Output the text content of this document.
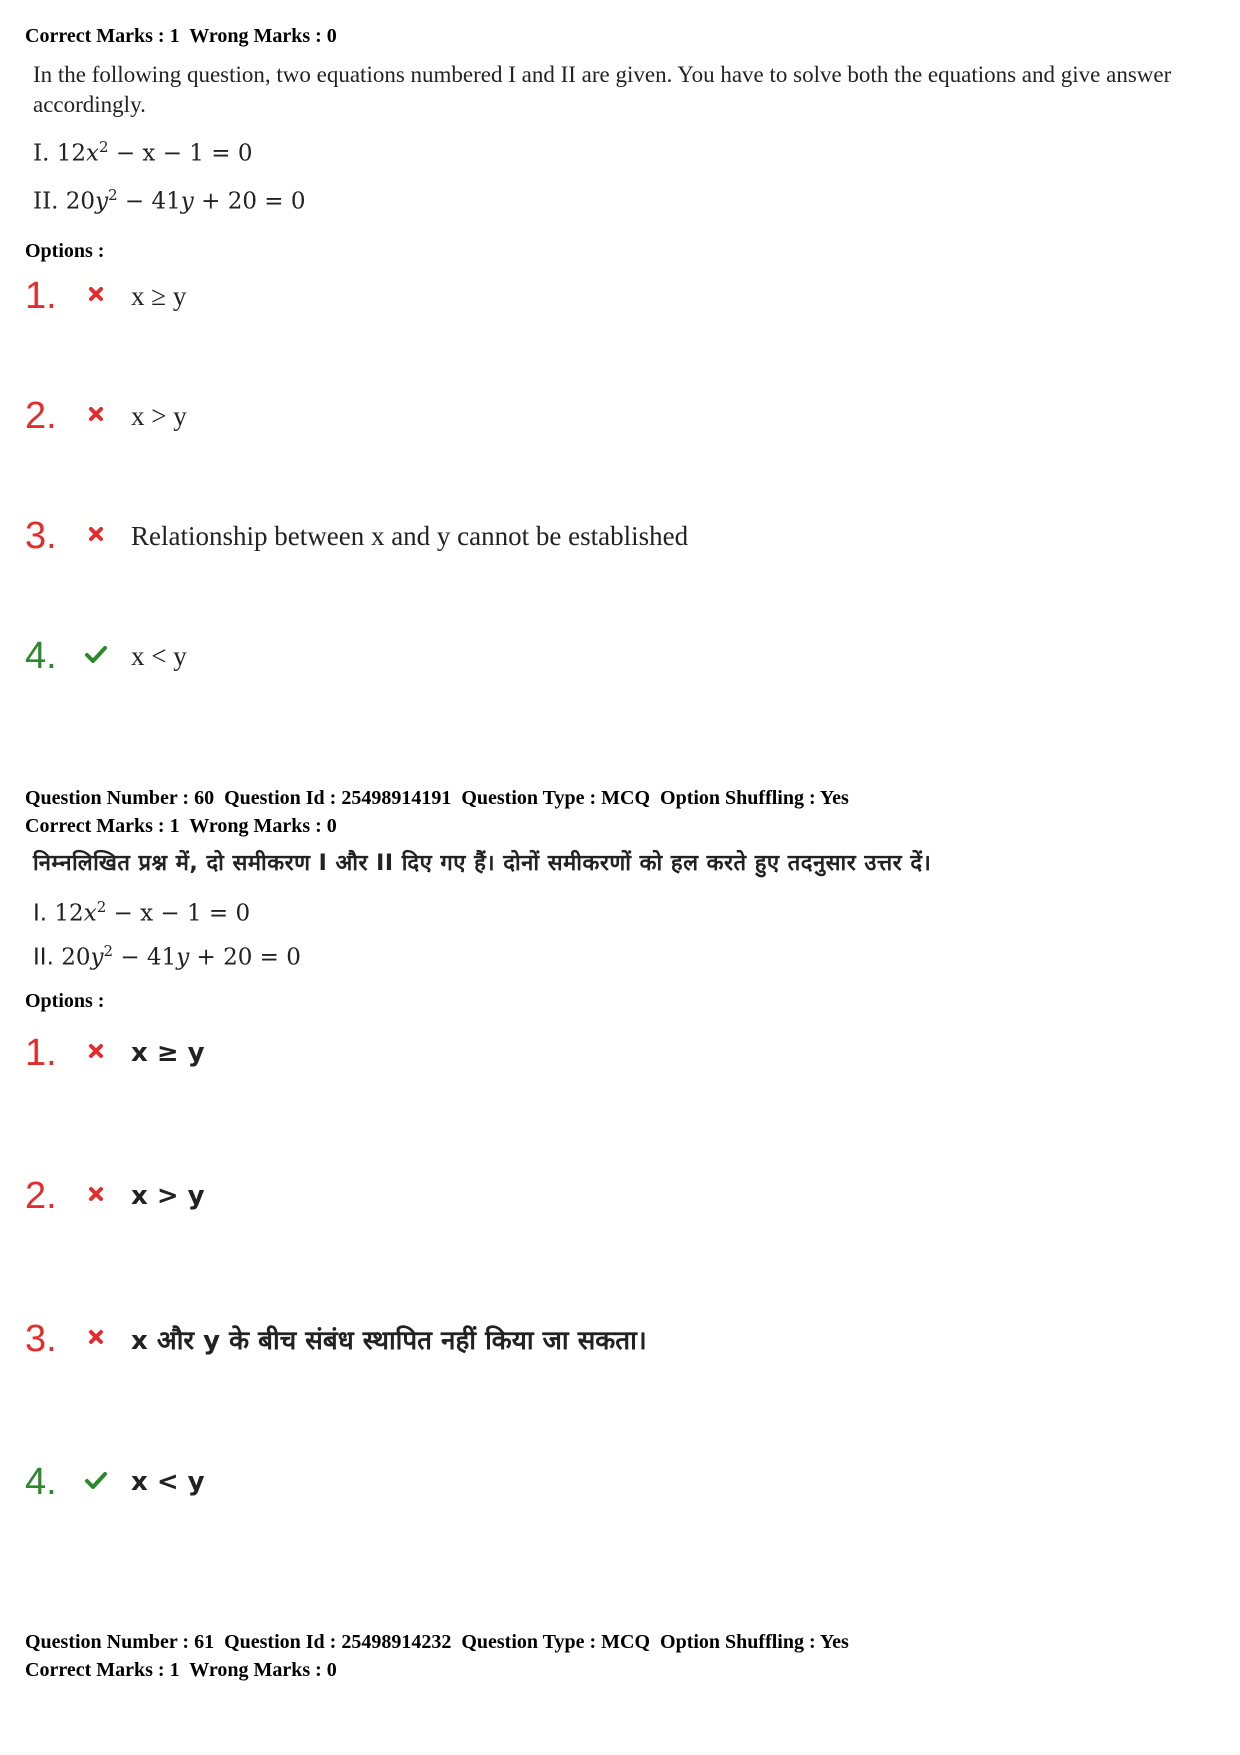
Correct Marks : 1  Wrong Marks : 0
In the following question, two equations numbered I and II are given. You have to solve both the equations and give answer accordingly.
I. $12x^2 - x - 1 = 0$
II. $20y^2 - 41y + 20 = 0$
Options :
1.	x ≥ y
2.	x > y
3.	Relationship between x and y cannot be established
4.	x < y
Question Number : 60  Question Id : 25498914191  Question Type : MCQ  Option Shuffling : Yes
Correct Marks : 1  Wrong Marks : 0
निम्नलिखित प्रश्न में, दो समीकरण I और II दिए गए हैं। दोनों समीकरणों को हल करते हुए तदनुसार उत्तर दें।
I. $12x^2 - x - 1 = 0$
II. $20y^2 - 41y + 20 = 0$
Options :
1.	x ≥ y
2.	x > y
3.	x और y के बीच संबंध स्थापित नहीं किया जा सकता।
4.	x < y
Question Number : 61  Question Id : 25498914232  Question Type : MCQ  Option Shuffling : Yes
Correct Marks : 1  Wrong Marks : 0
